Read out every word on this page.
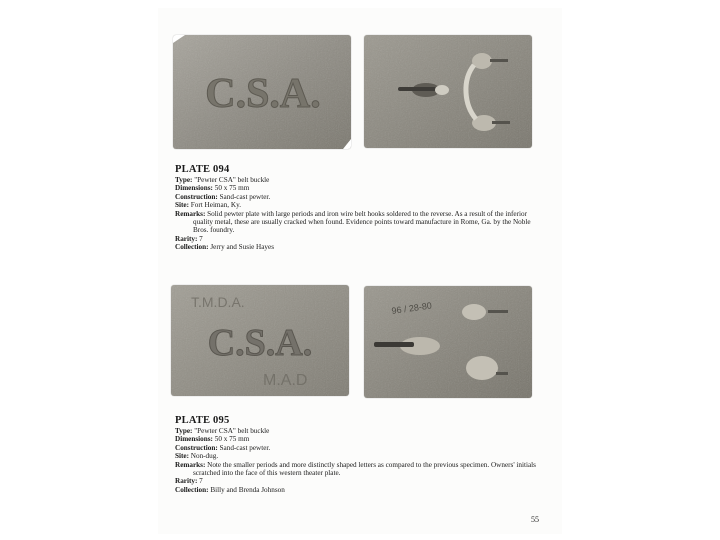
C.S.A.
PLATE 094
Type: "Pewter CSA" belt buckle
Dimensions: 50 x 75 mm
Construction: Sand-cast pewter.
Site: Fort Heiman, Ky.
Remarks: Solid pewter plate with large periods and iron wire belt hooks soldered to the reverse. As a result of the inferior quality metal, these are usually cracked when found. Evidence points toward manufacture in Rome, Ga. by the Noble Bros. foundry.
Rarity: 7
Collection: Jerry and Susie Hayes
T.M.D.A.
C.S.A.
M.A.D
96 / 28-80
PLATE 095
Type: "Pewter CSA" belt buckle
Dimensions: 50 x 75 mm
Construction: Sand-cast pewter.
Site: Non-dug.
Remarks: Note the smaller periods and more distinctly shaped letters as compared to the previous specimen. Owners' initials scratched into the face of this western theater plate.
Rarity: 7
Collection: Billy and Brenda Johnson
55
